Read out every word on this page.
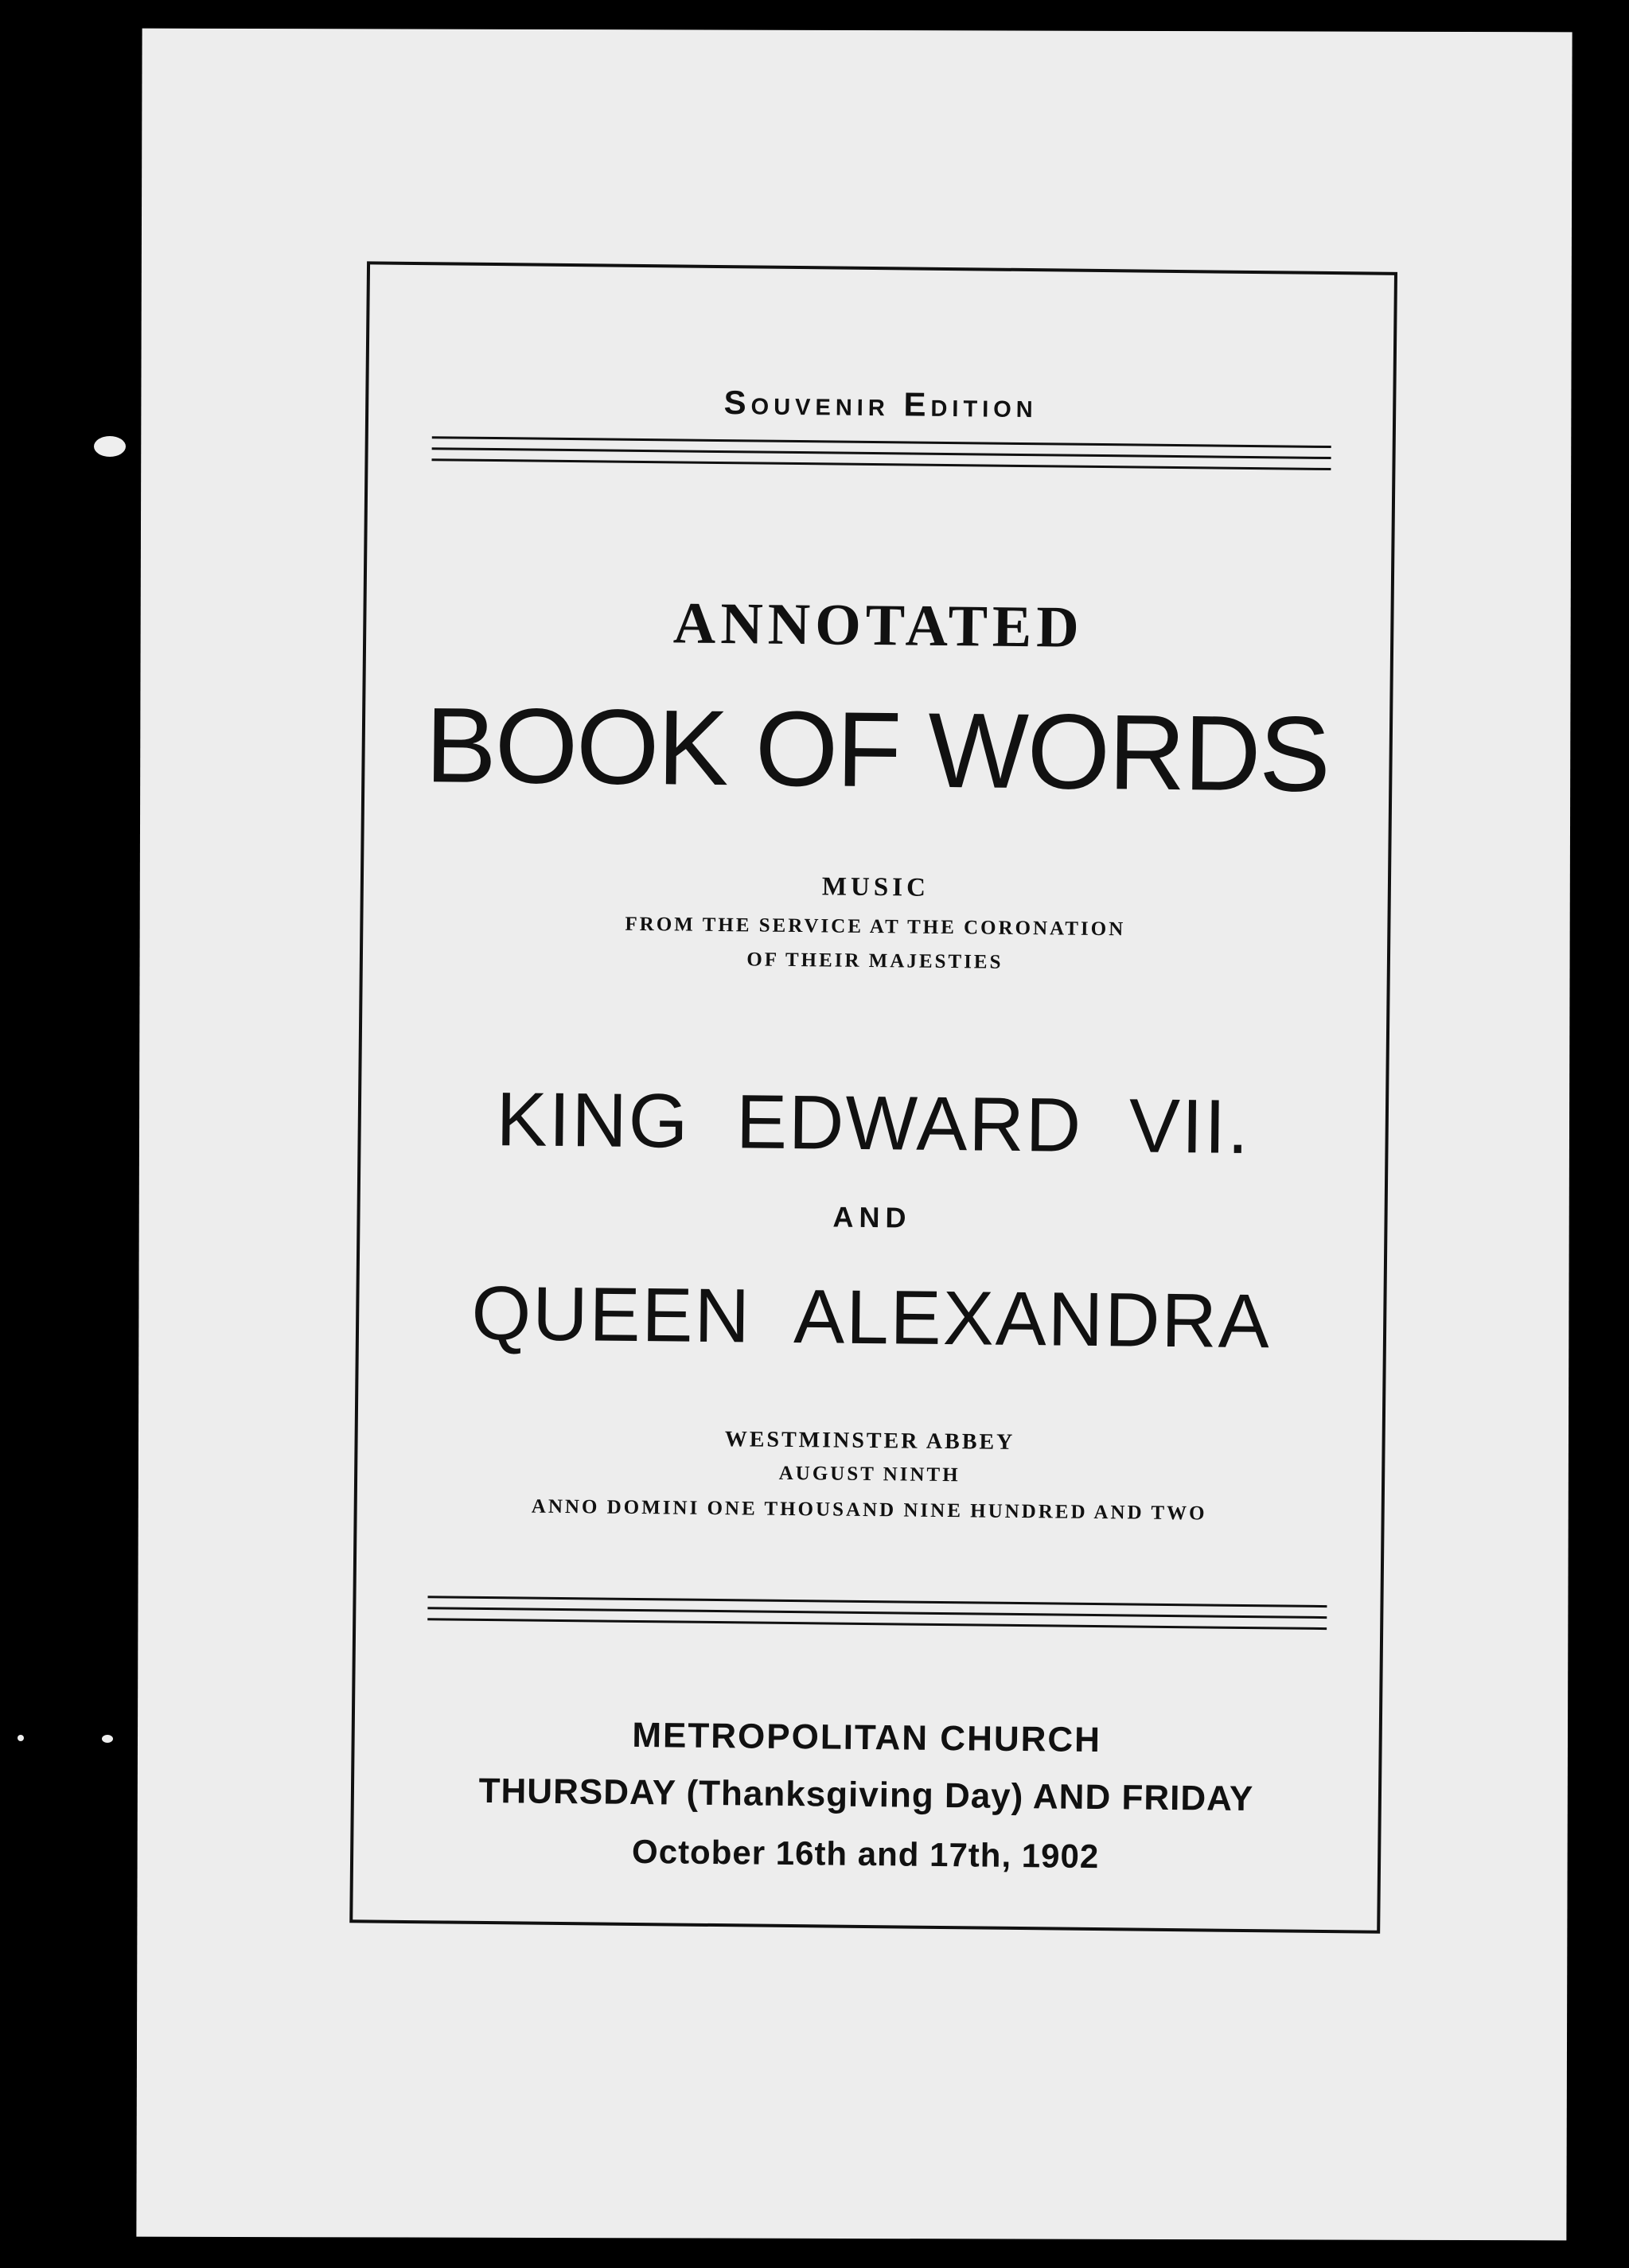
Souvenir Edition
ANNOTATED
BOOK OF WORDS
MUSIC
FROM THE SERVICE AT THE CORONATION
OF THEIR MAJESTIES
KING EDWARD VII.
AND
QUEEN ALEXANDRA
WESTMINSTER ABBEY
AUGUST NINTH
ANNO DOMINI ONE THOUSAND NINE HUNDRED AND TWO
METROPOLITAN CHURCH
THURSDAY (Thanksgiving Day) AND FRIDAY
October 16th and 17th, 1902
